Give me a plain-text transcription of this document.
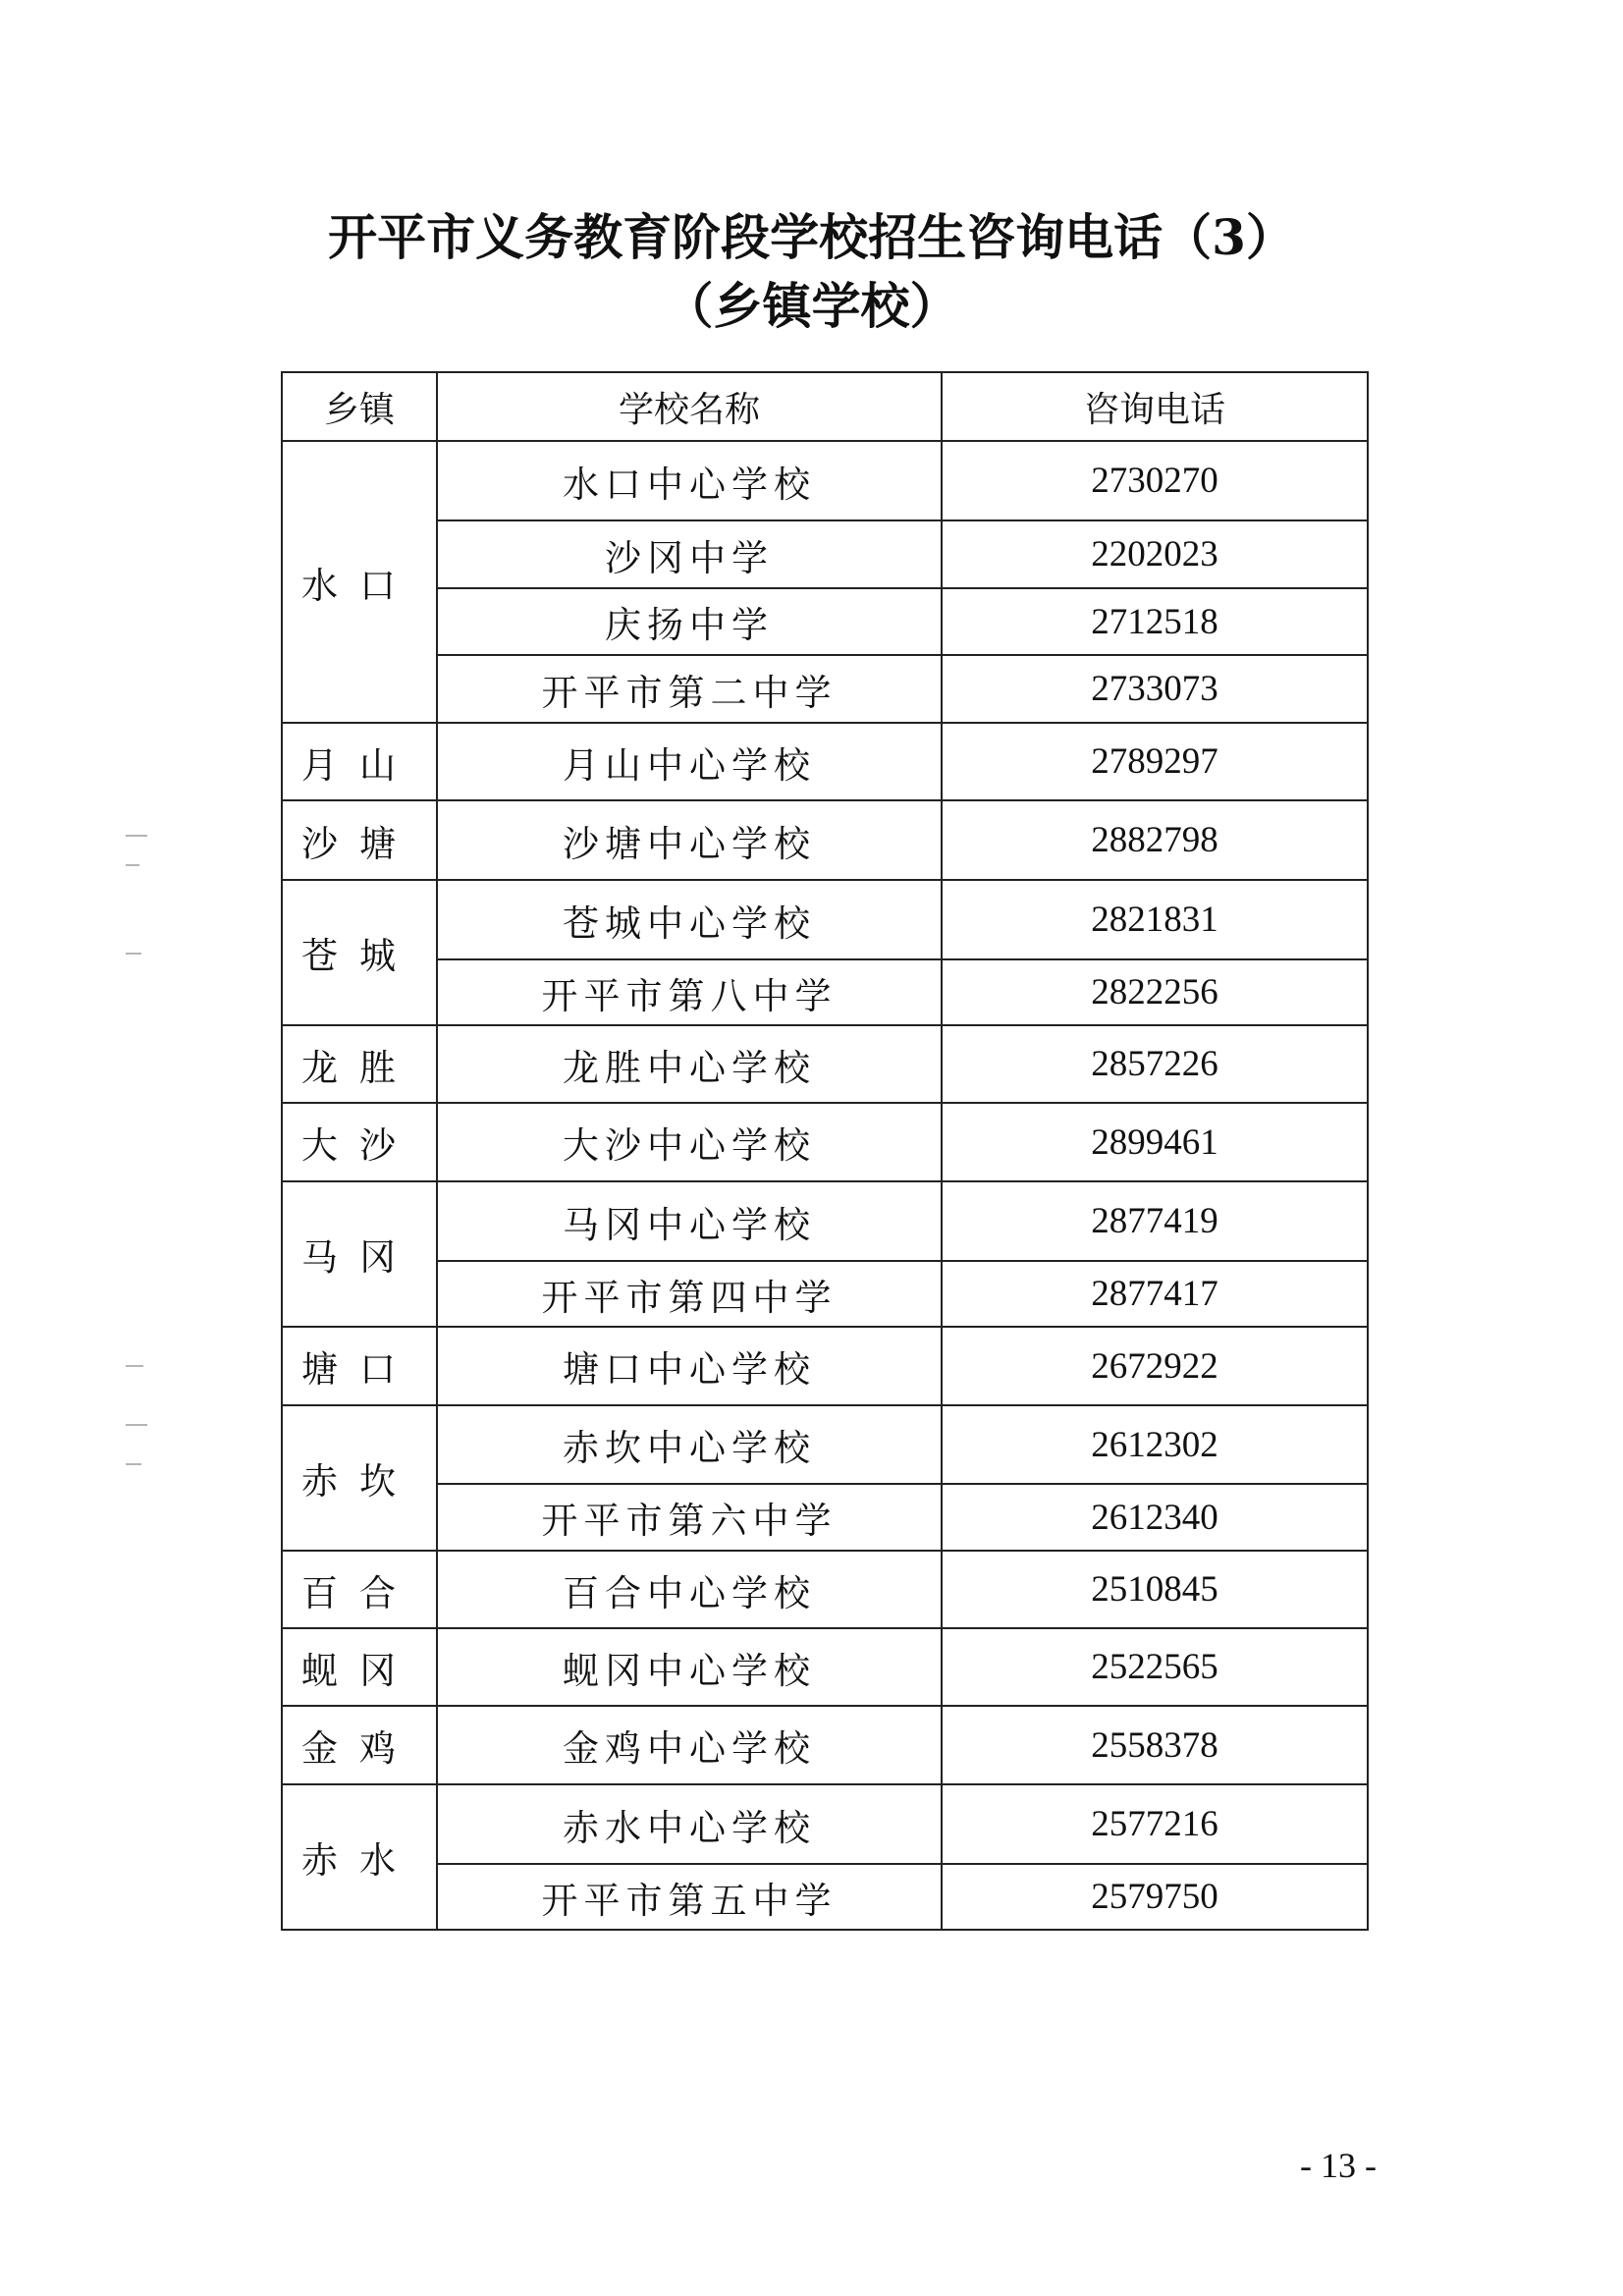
开平市义务教育阶段学校招生咨询电话（3）
（乡镇学校）
乡镇	学校名称	咨询电话
水口	水口中心学校	2730270
	沙冈中学	2202023
	庆扬中学	2712518
	开平市第二中学	2733073
月山	月山中心学校	2789297
沙塘	沙塘中心学校	2882798
苍城	苍城中心学校	2821831
	开平市第八中学	2822256
龙胜	龙胜中心学校	2857226
大沙	大沙中心学校	2899461
马冈	马冈中心学校	2877419
	开平市第四中学	2877417
塘口	塘口中心学校	2672922
赤坎	赤坎中心学校	2612302
	开平市第六中学	2612340
百合	百合中心学校	2510845
蚬冈	蚬冈中心学校	2522565
金鸡	金鸡中心学校	2558378
赤水	赤水中心学校	2577216
	开平市第五中学	2579750
- 13 -
